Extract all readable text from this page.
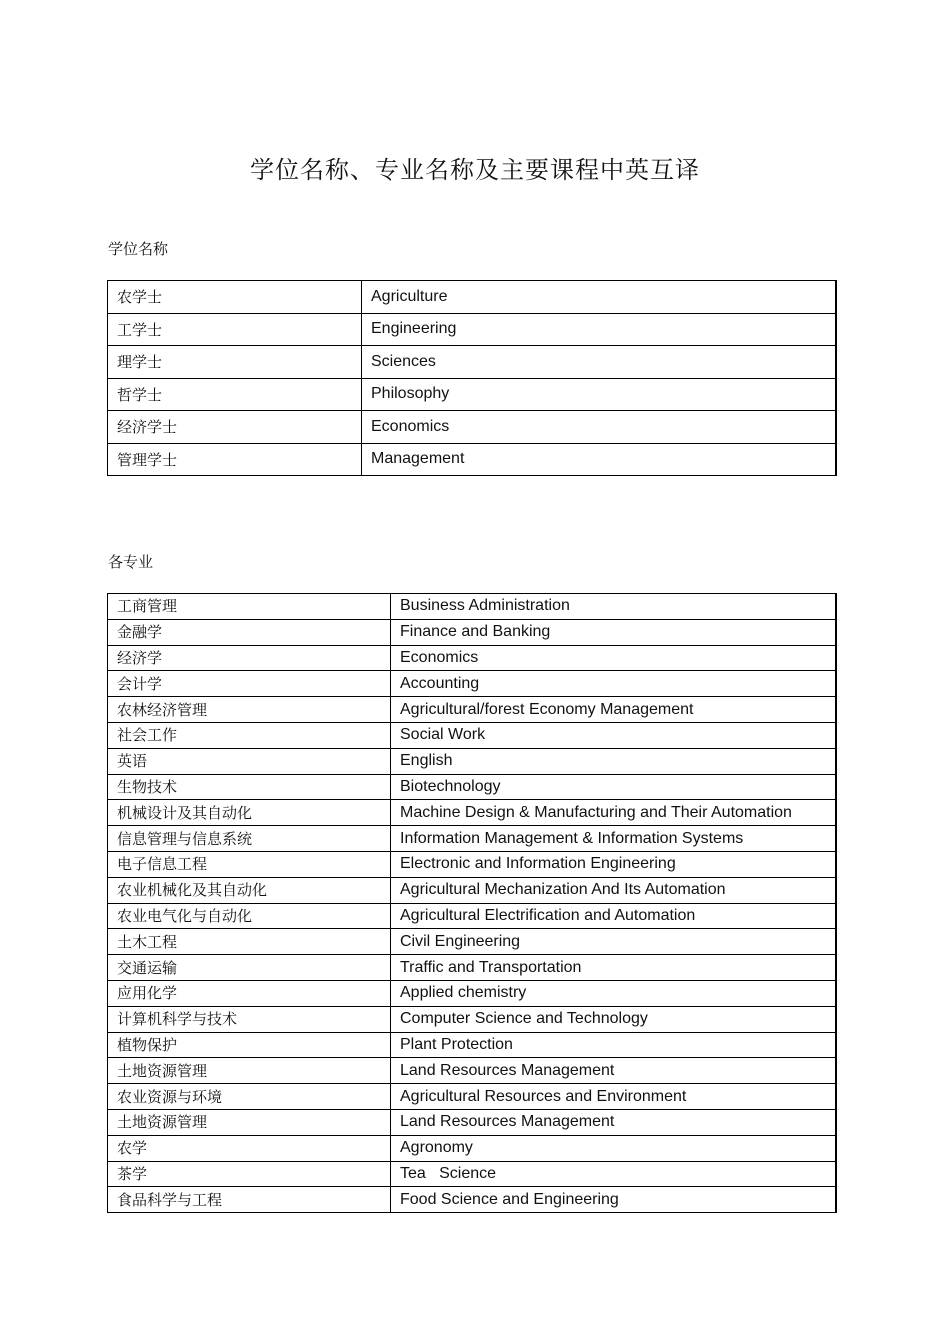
学位名称、专业名称及主要课程中英互译
学位名称
农学士	Agriculture
工学士	Engineering
理学士	Sciences
哲学士	Philosophy
经济学士	Economics
管理学士	Management
各专业
工商管理	Business Administration
金融学	Finance and Banking
经济学	Economics
会计学	Accounting
农林经济管理	Agricultural/forest Economy Management
社会工作	Social Work
英语	English
生物技术	Biotechnology
机械设计及其自动化	Machine Design & Manufacturing and Their Automation
信息管理与信息系统	Information Management & Information Systems
电子信息工程	Electronic and Information Engineering
农业机械化及其自动化	Agricultural Mechanization And Its Automation
农业电气化与自动化	Agricultural Electrification and Automation
土木工程	Civil Engineering
交通运输	Traffic and Transportation
应用化学	Applied chemistry
计算机科学与技术	Computer Science and Technology
植物保护	Plant Protection
土地资源管理	Land Resources Management
农业资源与环境	Agricultural Resources and Environment
土地资源管理	Land Resources Management
农学	Agronomy
茶学	Tea   Science
食品科学与工程	Food Science and Engineering
